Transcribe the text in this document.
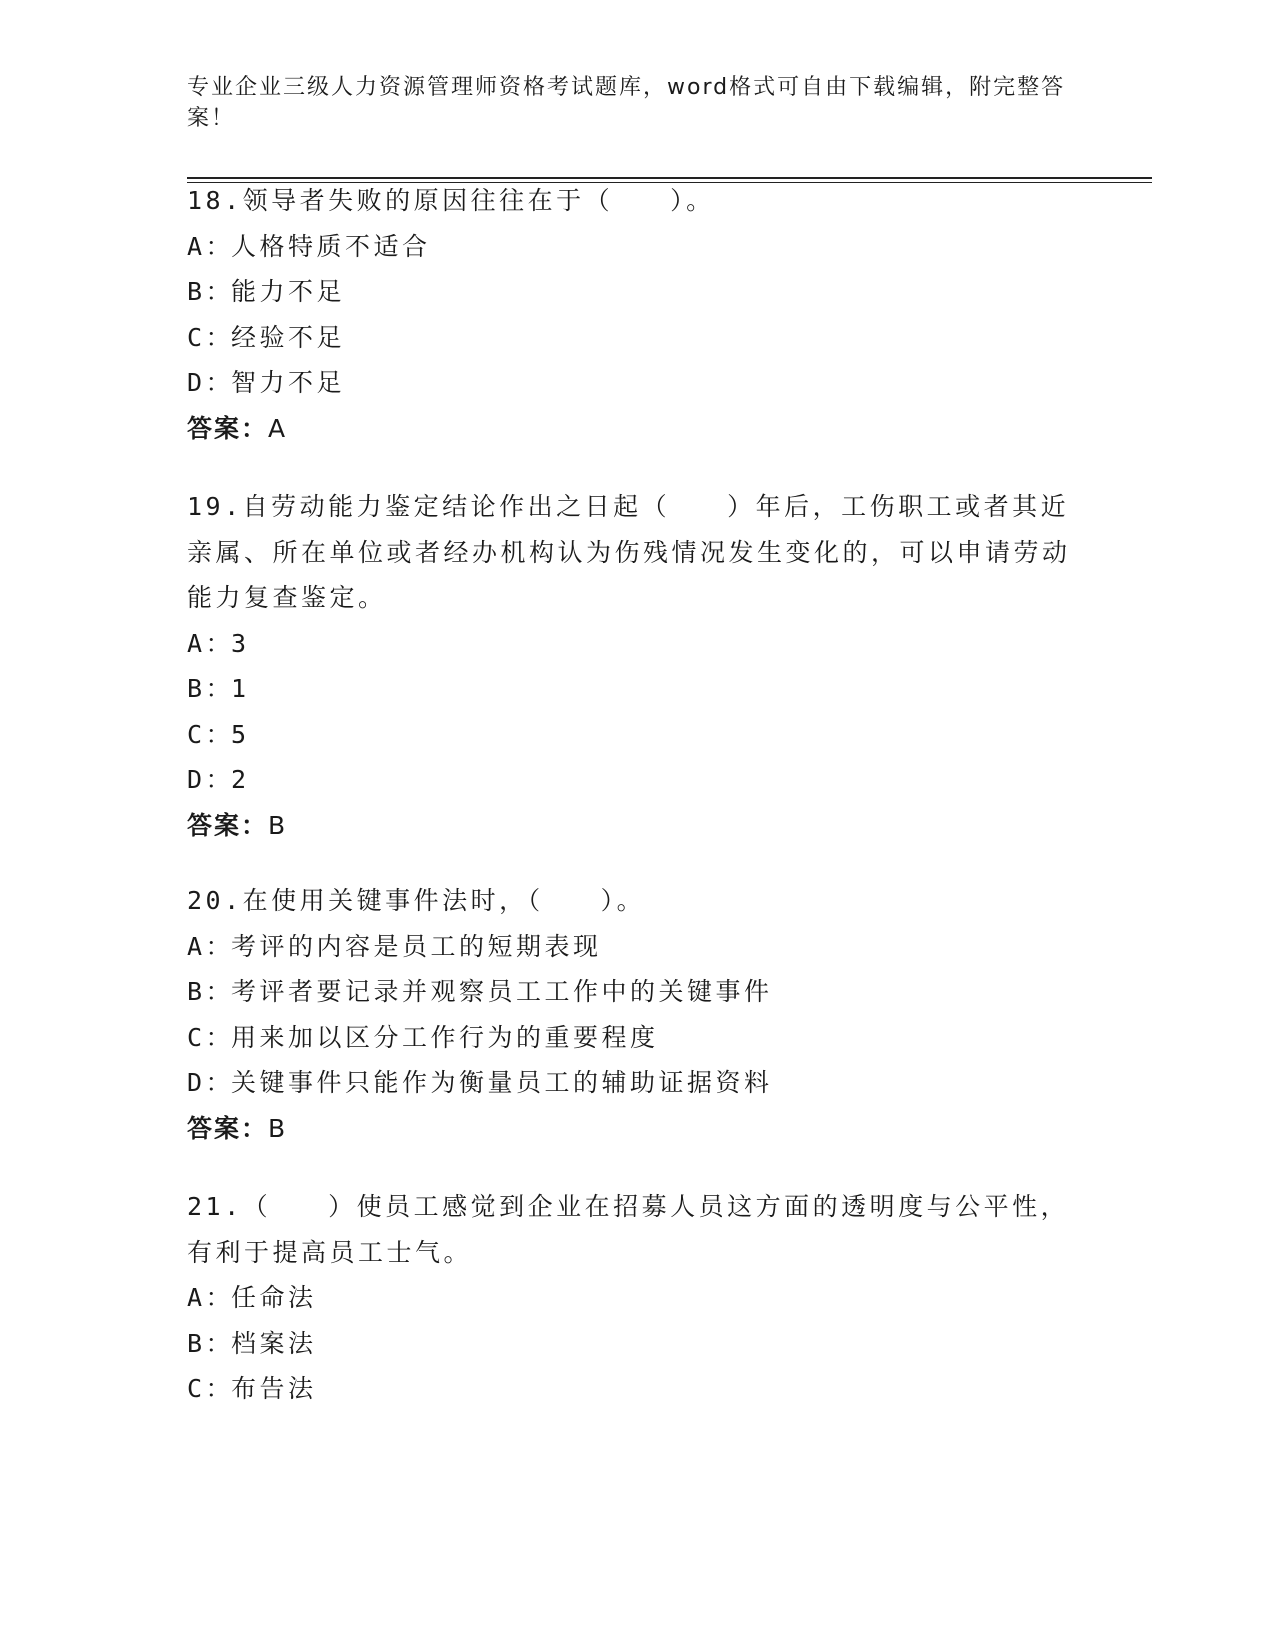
专业企业三级人力资源管理师资格考试题库，word格式可自由下载编辑，附完整答案！

18.领导者失败的原因往往在于（　　）。

A：人格特质不适合

B：能力不足

C：经验不足

D：智力不足

答案：A

19.自劳动能力鉴定结论作出之日起（　　）年后，工伤职工或者其近亲属、所在单位或者经办机构认为伤残情况发生变化的，可以申请劳动能力复查鉴定。

A：3

B：1

C：5

D：2

答案：B

20.在使用关键事件法时，（　　）。

A：考评的内容是员工的短期表现

B：考评者要记录并观察员工工作中的关键事件

C：用来加以区分工作行为的重要程度

D：关键事件只能作为衡量员工的辅助证据资料

答案：B

21.（　　）使员工感觉到企业在招募人员这方面的透明度与公平性，有利于提高员工士气。

A：任命法

B：档案法

C：布告法
